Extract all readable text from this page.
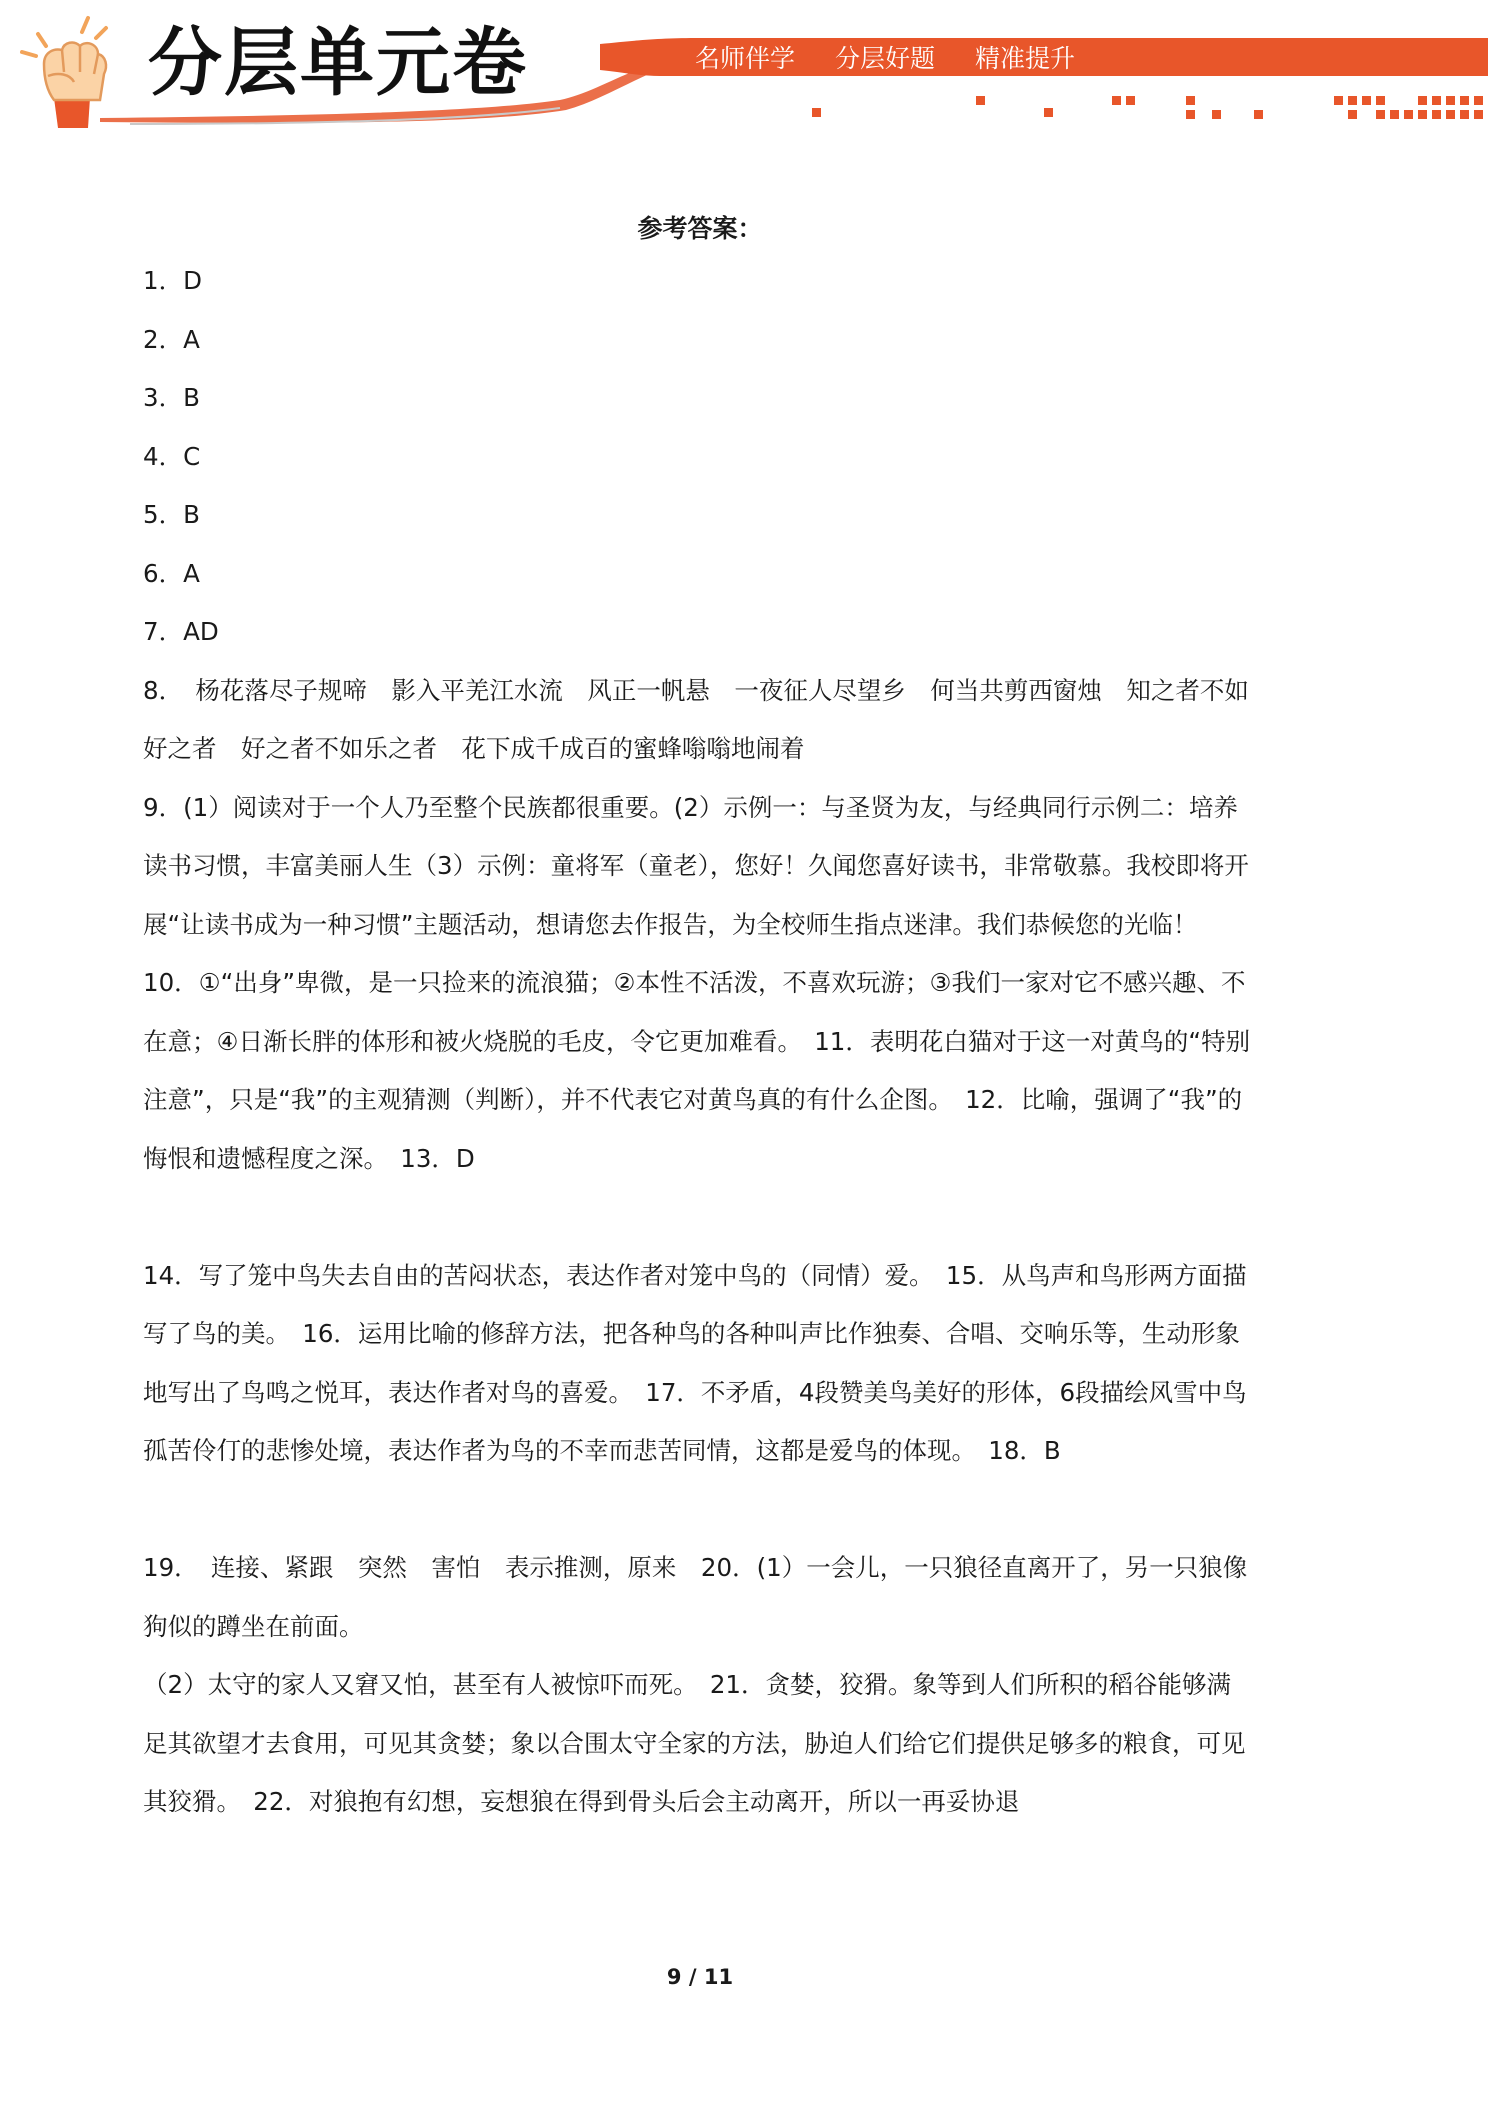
分层单元卷	名师伴学 分层好题 精准提升
参考答案：

1．D

2．A

3．B

4．C

5．B

6．A

7．AD

8．　杨花落尽子规啼　影入平羌江水流　风正一帆悬　一夜征人尽望乡　何当共剪西窗烛　知之者不如好之者　好之者不如乐之者　花下成千成百的蜜蜂嗡嗡地闹着

9．(1）阅读对于一个人乃至整个民族都很重要。(2）示例一：与圣贤为友，与经典同行示例二：培养读书习惯，丰富美丽人生（3）示例：童将军（童老），您好！久闻您喜好读书，非常敬慕。我校即将开展“让读书成为一种习惯”主题活动，想请您去作报告，为全校师生指点迷津。我们恭候您的光临！

10．①“出身”卑微，是一只捡来的流浪猫；②本性不活泼，不喜欢玩游；③我们一家对它不感兴趣、不在意；④日渐长胖的体形和被火烧脱的毛皮，令它更加难看。　11．表明花白猫对于这一对黄鸟的“特别注意”，只是“我”的主观猜测（判断），并不代表它对黄鸟真的有什么企图。　12．比喻，强调了“我”的悔恨和遗憾程度之深。　13．D

14．写了笼中鸟失去自由的苦闷状态，表达作者对笼中鸟的（同情）爱。　15．从鸟声和鸟形两方面描写了鸟的美。　16．运用比喻的修辞方法，把各种鸟的各种叫声比作独奏、合唱、交响乐等，生动形象地写出了鸟鸣之悦耳，表达作者对鸟的喜爱。　17．不矛盾，4段赞美鸟美好的形体，6段描绘风雪中鸟孤苦伶仃的悲惨处境，表达作者为鸟的不幸而悲苦同情，这都是爱鸟的体现。　18．B

19．　连接、紧跟　突然　害怕　表示推测，原来　20．(1）一会儿，一只狼径直离开了，另一只狼像狗似的蹲坐在前面。

（2）太守的家人又窘又怕，甚至有人被惊吓而死。　21．贪婪，狡猾。象等到人们所积的稻谷能够满足其欲望才去食用，可见其贪婪；象以合围太守全家的方法，胁迫人们给它们提供足够多的粮食，可见其狡猾。　22．对狼抱有幻想，妄想狼在得到骨头后会主动离开，所以一再妥协退

9 / 11
